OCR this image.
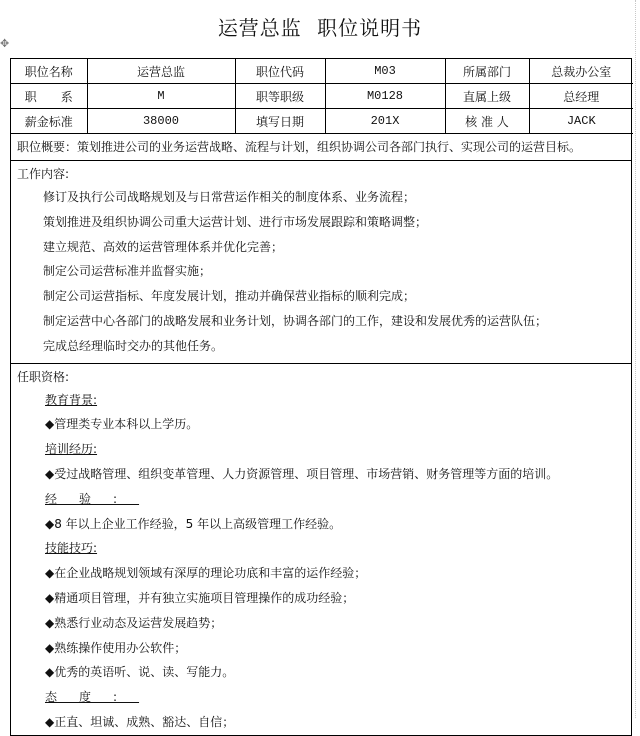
✥
运营总监 职位说明书
职位名称	运营总监	职位代码	M03	所属部门	总裁办公室
职　　系	M	职等职级	M0128	直属上级	总经理
薪金标准	38000	填写日期	201X	核 准 人	JACK
职位概要：策划推进公司的业务运营战略、流程与计划，组织协调公司各部门执行、实现公司的运营目标。
工作内容:
修订及执行公司战略规划及与日常营运作相关的制度体系、业务流程；
策划推进及组织协调公司重大运营计划、进行市场发展跟踪和策略调整；
建立规范、高效的运营管理体系并优化完善；
制定公司运营标准并监督实施；
制定公司运营指标、年度发展计划，推动并确保营业指标的顺利完成；
制定运营中心各部门的战略发展和业务计划，协调各部门的工作，建设和发展优秀的运营队伍；
完成总经理临时交办的其他任务。
任职资格:
教育背景:
◆管理类专业本科以上学历。
培训经历:
◆受过战略管理、组织变革管理、人力资源管理、项目管理、市场营销、财务管理等方面的培训。
经验:
◆8 年以上企业工作经验，5 年以上高级管理工作经验。
技能技巧:
◆在企业战略规划领域有深厚的理论功底和丰富的运作经验；
◆精通项目管理，并有独立实施项目管理操作的成功经验；
◆熟悉行业动态及运营发展趋势；
◆熟练操作使用办公软件；
◆优秀的英语听、说、读、写能力。
态度:
◆正直、坦诚、成熟、豁达、自信；
